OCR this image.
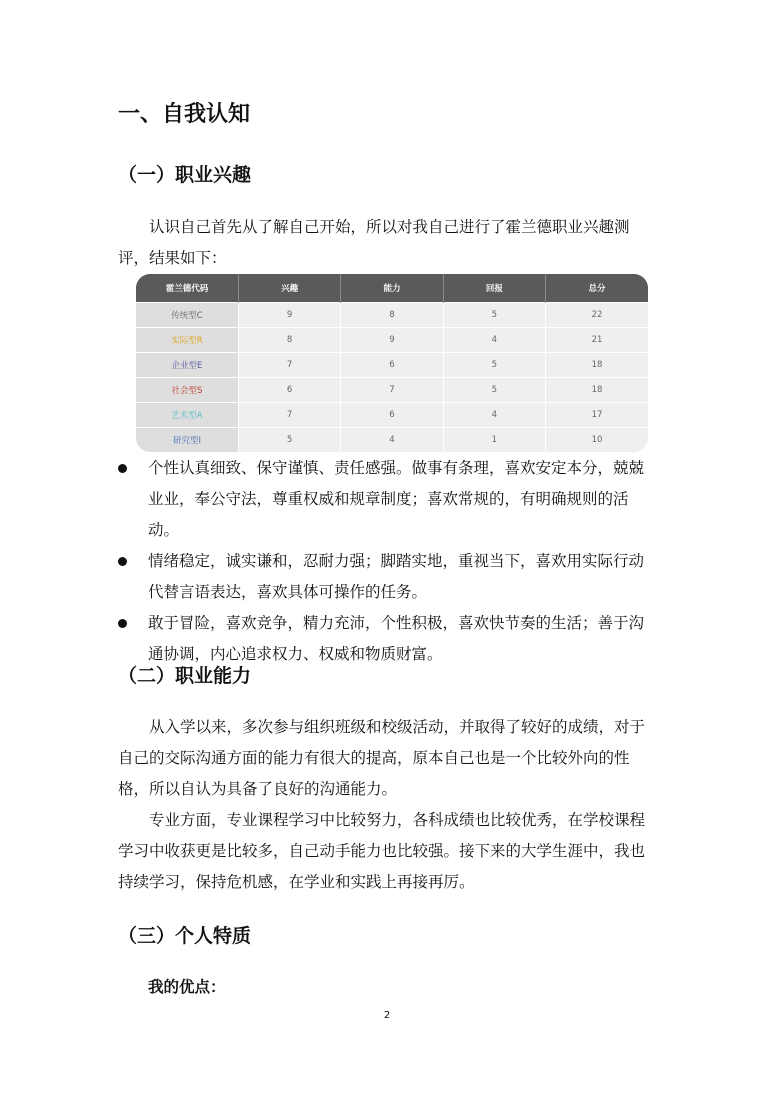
一、自我认知
（一）职业兴趣

认识自己首先从了解自己开始，所以对我自己进行了霍兰德职业兴趣测评，结果如下：

霍兰德代码	兴趣	能力	回报	总分
传统型C	9	8	5	22
实际型R	8	9	4	21
企业型E	7	6	5	18
社会型S	6	7	5	18
艺术型A	7	6	4	17
研究型I	5	4	1	10
个性认真细致、保守谨慎、责任感强。做事有条理，喜欢安定本分，兢兢业业，奉公守法，尊重权威和规章制度；喜欢常规的，有明确规则的活动。
情绪稳定，诚实谦和，忍耐力强；脚踏实地，重视当下，喜欢用实际行动代替言语表达，喜欢具体可操作的任务。
敢于冒险，喜欢竞争，精力充沛，个性积极，喜欢快节奏的生活；善于沟通协调，内心追求权力、权威和物质财富。
（二）职业能力

从入学以来，多次参与组织班级和校级活动，并取得了较好的成绩，对于自己的交际沟通方面的能力有很大的提高，原本自己也是一个比较外向的性格，所以自认为具备了良好的沟通能力。

专业方面，专业课程学习中比较努力，各科成绩也比较优秀，在学校课程学习中收获更是比较多，自己动手能力也比较强。接下来的大学生涯中，我也持续学习，保持危机感，在学业和实践上再接再厉。

（三）个人特质

我的优点：

2
